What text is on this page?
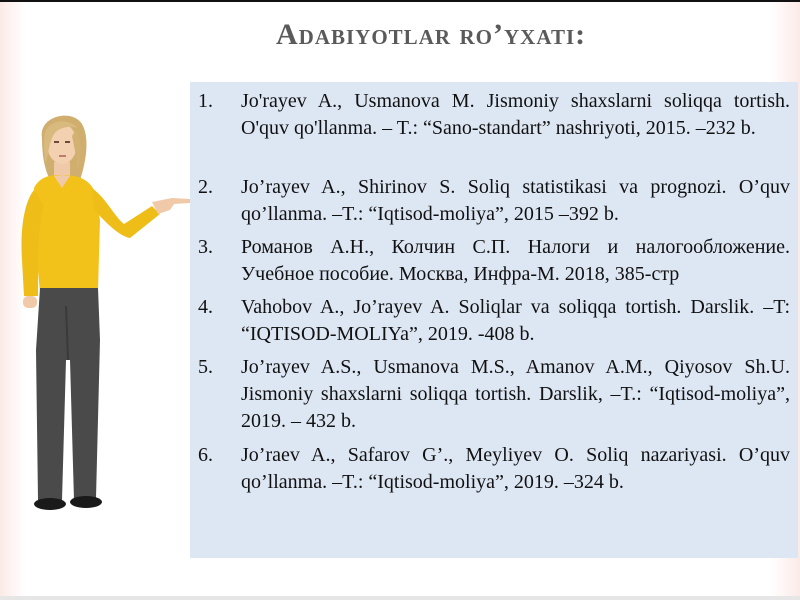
Adabiyotlar ro’yxati:
1. Jo'rayev A., Usmanova M. Jismoniy shaxslarni soliqqa tortish. O'quv qo'llanma. – T.: “Sano-standart” nashriyoti, 2015. –232 b.
2. Jo’rayev A., Shirinov S. Soliq statistikasi va prognozi. O’quv qo’llanma. –T.: “Iqtisod-moliya”, 2015 –392 b.
3. Романов А.Н., Колчин С.П. Налоги и налогообложение. Учебное пособие. Москва, Инфра-М. 2018, 385-стр
4. Vahobov A., Jo’rayev A. Soliqlar va soliqqa tortish. Darslik. –T: “IQTISOD-MOLIYa”, 2019. -408 b.
5. Jo’rayev A.S., Usmanova M.S., Amanov A.M., Qiyosov Sh.U. Jismoniy shaxslarni soliqqa tortish. Darslik, –T.: “Iqtisod-moliya”, 2019. – 432 b.
6. Jo’raev A., Safarov G’., Meyliyev O. Soliq nazariyasi. O’quv qo’llanma. –T.: “Iqtisod-moliya”, 2019. –324 b.
